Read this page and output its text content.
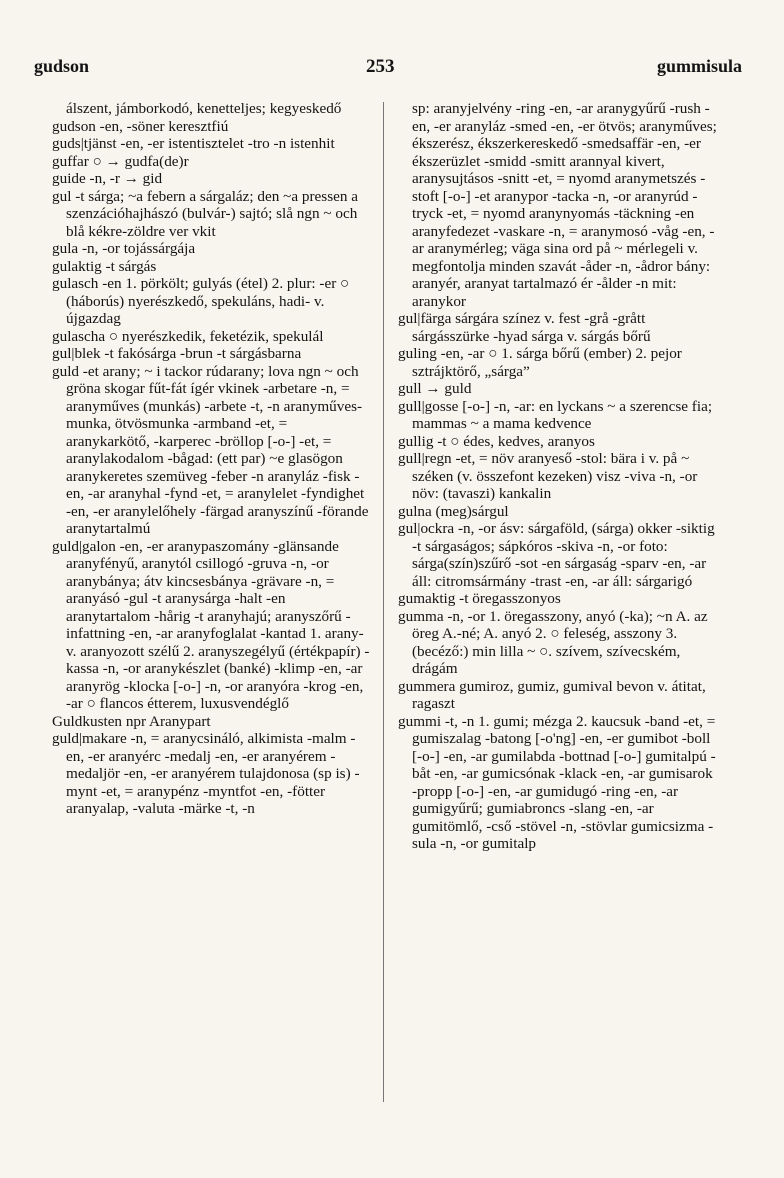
gudson	253	gummisula
álszent, jámborkodó, kenetteljes; kegyeskedő
gudson -en, -söner keresztfiú
guds|tjänst -en, -er istentisztelet -tro -n istenhit
guffar ○ → gudfa(de)r
guide -n, -r → gid
gul -t sárga; ~a febern a sárgaláz; den ~a pressen a szenzációhajhászó (bulvár-) sajtó; slå ngn ~ och blå kékre-zöldre ver vkit
gula -n, -or tojássárgája
gulaktig -t sárgás
gulasch -en 1. pörkölt; gulyás (étel) 2. plur: -er ○ (háborús) nyerészkedő, spekuláns, hadi- v. újgazdag
gulascha ○ nyerészkedik, feketézik, spekulál
gul|blek -t fakósárga -brun -t sárgásbarna
guld -et arany; ~ i tackor rúdarany; lova ngn ~ och gröna skogar fűt-fát ígér vkinek -arbetare -n, = aranyműves (munkás) -arbete -t, -n aranyműves-munka, ötvösmunka -armband -et, = aranykarkötő, -karperec -bröllop [-o-] -et, = aranylakodalom -bågad: (ett par) ~e glasögon aranykeretes szemüveg -feber -n aranyláz -fisk -en, -ar aranyhal -fynd -et, = aranylelet -fyndighet -en, -er aranylelőhely -färgad aranyszínű -förande aranytartalmú
guld|galon -en, -er aranypaszomány -glänsande aranyfényű, aranytól csillogó -gruva -n, -or aranybánya; átv kincsesbánya -grävare -n, = aranyásó -gul -t aranysárga -halt -en aranytartalom -hårig -t aranyhajú; aranyszőrű -infattning -en, -ar aranyfoglalat -kantad 1. arany- v. aranyozott szélű 2. aranyszegélyű (értékpapír) -kassa -n, -or aranykészlet (banké) -klimp -en, -ar aranyrög -klocka [-o-] -n, -or aranyóra -krog -en, -ar ○ flancos étterem, luxusvendéglő
Guldkusten npr Aranypart
guld|makare -n, = aranycsináló, alkimista -malm -en, -er aranyérc -medalj -en, -er aranyérem -medaljör -en, -er aranyérem tulajdonosa (sp is) -mynt -et, = aranypénz -myntfot -en, -fötter aranyalap, -valuta -märke -t, -n
sp: aranyjelvény -ring -en, -ar aranygyűrű -rush -en, -er aranyláz -smed -en, -er ötvös; aranyműves; ékszerész, ékszerkereskedő -smedsaffär -en, -er ékszerüzlet -smidd -smitt arannyal kivert, aranysujtásos -snitt -et, = nyomd aranymetszés -stoft [-o-] -et aranypor -tacka -n, -or aranyrúd -tryck -et, = nyomd aranynyomás -täckning -en aranyfedezet -vaskare -n, = aranymosó -våg -en, -ar aranymérleg; väga sina ord på ~ mérlegeli v. megfontolja minden szavát -åder -n, -ådror bány: aranyér, aranyat tartalmazó ér -ålder -n mit: aranykor
gul|färga sárgára színez v. fest -grå -grått sárgásszürke -hyad sárga v. sárgás bőrű
guling -en, -ar ○ 1. sárga bőrű (ember) 2. pejor sztrájktörő, „sárga”
gull → guld
gull|gosse [-o-] -n, -ar: en lyckans ~ a szerencse fia; mammas ~ a mama kedvence
gullig -t ○ édes, kedves, aranyos
gull|regn -et, = növ aranyeső -stol: bära i v. på ~ széken (v. összefont kezeken) visz -viva -n, -or növ: (tavaszi) kankalin
gulna (meg)sárgul
gul|ockra -n, -or ásv: sárgaföld, (sárga) okker -siktig -t sárgaságos; sápkóros -skiva -n, -or foto: sárga(szín)szűrő -sot -en sárgaság -sparv -en, -ar áll: citromsármány -trast -en, -ar áll: sárgarigó
gumaktig -t öregasszonyos
gumma -n, -or 1. öregasszony, anyó (-ka); ~n A. az öreg A.-né; A. anyó 2. ○ feleség, asszony 3. (becéző:) min lilla ~ ○. szívem, szívecském, drágám
gummera gumiroz, gumiz, gumival bevon v. átitat, ragaszt
gummi -t, -n 1. gumi; mézga 2. kaucsuk -band -et, = gumiszalag -batong [-o'ng] -en, -er gumibot -boll [-o-] -en, -ar gumilabda -bottnad [-o-] gumitalpú -båt -en, -ar gumicsónak -klack -en, -ar gumisarok -propp [-o-] -en, -ar gumidugó -ring -en, -ar gumigyűrű; gumiabroncs -slang -en, -ar gumitömlő, -cső -stövel -n, -stövlar gumicsizma -sula -n, -or gumitalp
